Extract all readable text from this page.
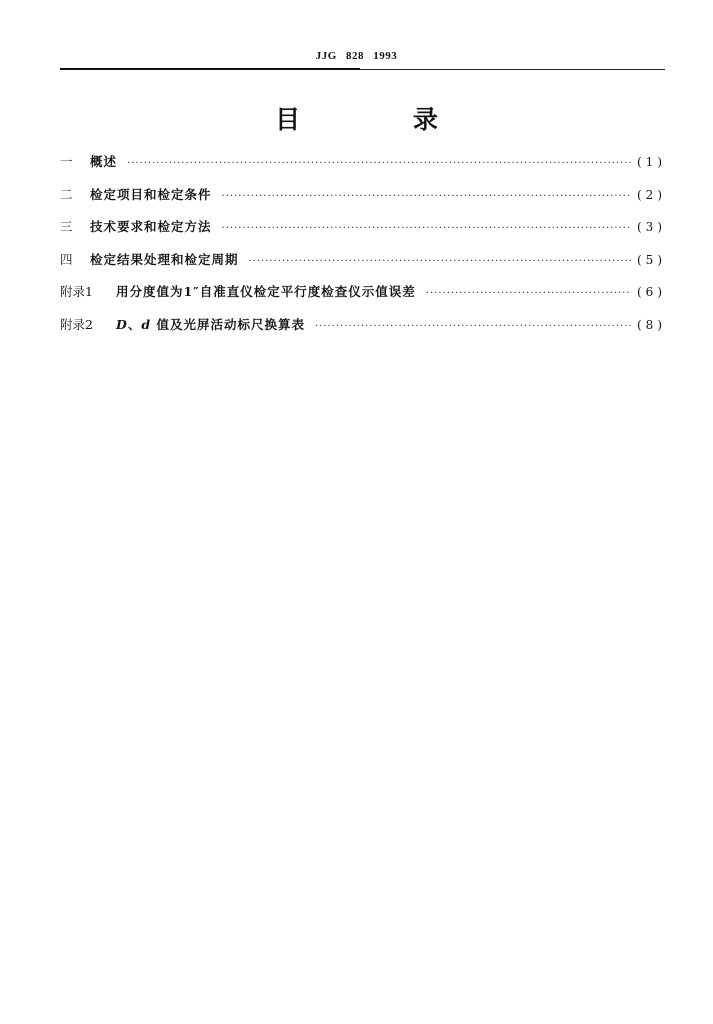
JJG 828 1993
目 录
一	概述 ·····	(1)
二	检定项目和检定条件 ·····	(2)
三	技术要求和检定方法 ·····	(3)
四	检定结果处理和检定周期 ·····	(5)
附录1	用分度值为1″自准直仪检定平行度检查仪示值误差 ·····	(6)
附录2	D、d 值及光屏活动标尺换算表 ·····	(8)
